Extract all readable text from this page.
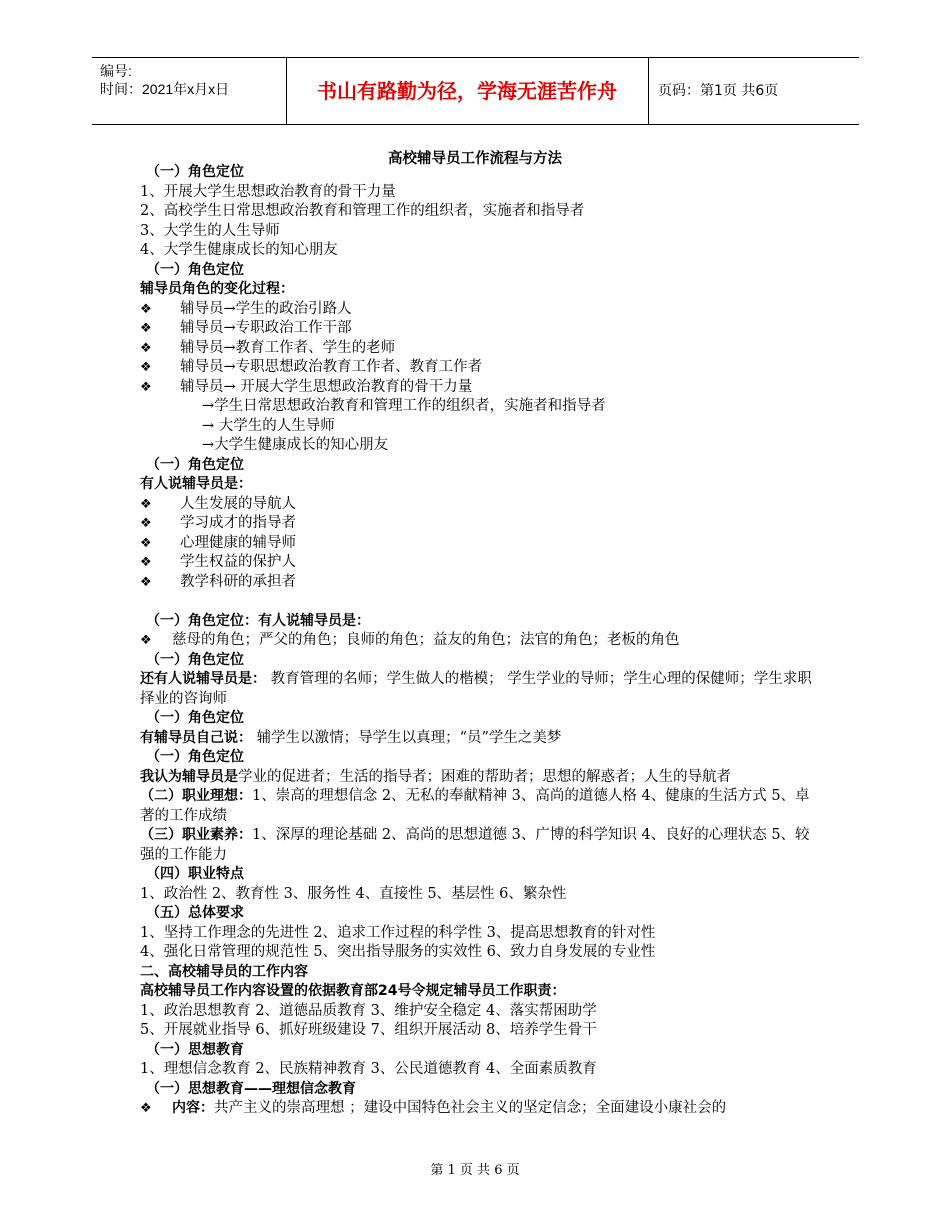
编号:
时间：2021年x月x日	书山有路勤为径，学海无涯苦作舟	页码：第1页 共6页
高校辅导员工作流程与方法
（一）角色定位
1、开展大学生思想政治教育的骨干力量
2、高校学生日常思想政治教育和管理工作的组织者，实施者和指导者
3、大学生的人生导师
4、大学生健康成长的知心朋友
（一）角色定位
辅导员角色的变化过程：
❖	辅导员→学生的政治引路人
❖	辅导员→专职政治工作干部
❖	辅导员→教育工作者、学生的老师
❖	辅导员→专职思想政治教育工作者、教育工作者
❖	辅导员→ 开展大学生思想政治教育的骨干力量
→学生日常思想政治教育和管理工作的组织者，实施者和指导者
→ 大学生的人生导师
→大学生健康成长的知心朋友
（一）角色定位
有人说辅导员是：
❖	人生发展的导航人
❖	学习成才的指导者
❖	心理健康的辅导师
❖	学生权益的保护人
❖	教学科研的承担者
（一）角色定位：有人说辅导员是：
❖	慈母的角色；严父的角色；良师的角色；益友的角色；法官的角色；老板的角色
（一）角色定位
还有人说辅导员是： 教育管理的名师；学生做人的楷模； 学生学业的导师；学生心理的保健师；学生求职择业的咨询师
（一）角色定位
有辅导员自己说： 辅学生以激情；导学生以真理；“员”学生之美梦
（一）角色定位
我认为辅导员是学业的促进者；生活的指导者；困难的帮助者；思想的解惑者；人生的导航者
（二）职业理想：1、崇高的理想信念 2、无私的奉献精神 3、高尚的道德人格 4、健康的生活方式 5、卓著的工作成绩
（三）职业素养：1、深厚的理论基础 2、高尚的思想道德 3、广博的科学知识 4、良好的心理状态 5、较强的工作能力
（四）职业特点
1、政治性 2、教育性 3、服务性 4、直接性 5、基层性 6、繁杂性
（五）总体要求
1、坚持工作理念的先进性 2、追求工作过程的科学性 3、提高思想教育的针对性
4、强化日常管理的规范性 5、突出指导服务的实效性 6、致力自身发展的专业性
二、高校辅导员的工作内容
高校辅导员工作内容设置的依据教育部24号令规定辅导员工作职责：
1、政治思想教育 2、道德品质教育 3、维护安全稳定 4、落实帮困助学
5、开展就业指导 6、抓好班级建设 7、组织开展活动 8、培养学生骨干
（一）思想教育
1、理想信念教育 2、民族精神教育 3、公民道德教育 4、全面素质教育
（一）思想教育——理想信念教育
❖	内容： 共产主义的崇高理想 ；建设中国特色社会主义的坚定信念；全面建设小康社会的
第 1 页 共 6 页
